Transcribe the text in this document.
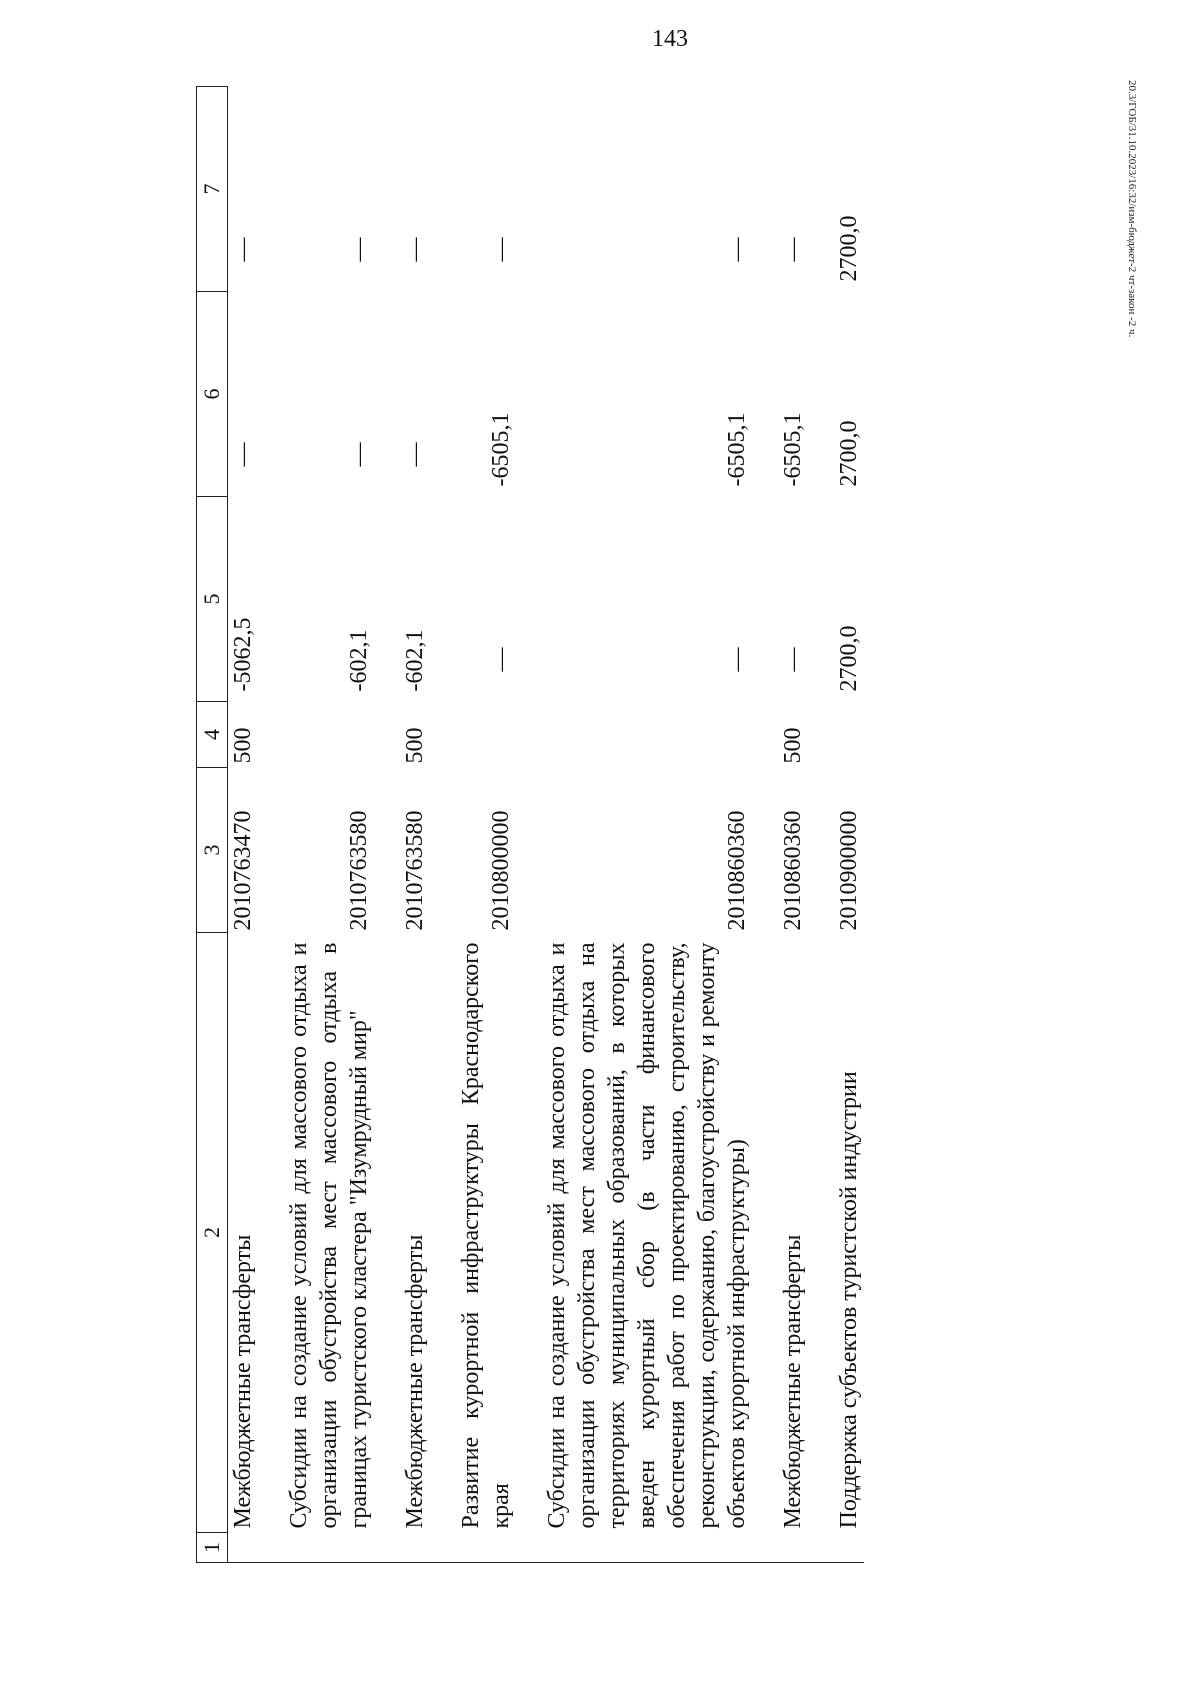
143
1	2	3	4	5	6	7
	Межбюджетные трансферты	2010763470	500	-5062,5	—	—

	Субсидии на создание условий для массового отдыха и организации обустройства мест массового отдыха в границах туристского кластера "Изумрудный мир"	2010763580		-602,1	—	—

	Межбюджетные трансферты	2010763580	500	-602,1	—	—

	Развитие курортной инфраструктуры Краснодарского края	2010800000		—	-6505,1	—

	Субсидии на создание условий для массового отдыха и организации обустройства мест массового отдыха на территориях муниципальных образований, в которых введен курортный сбор (в части финансового обеспечения работ по проектированию, строительству, реконструкции, содержанию, благоустройству и ремонту объектов курортной инфраструктуры)	2010860360		—	-6505,1	—

	Межбюджетные трансферты	2010860360	500	—	-6505,1	—

	Поддержка субъектов туристской индустрии	2010900000		2700,0	2700,0	2700,0	20.3/ГОБ/31.10.2023/16:32/изм-бюджет-2 чт-закон -2 ч.
